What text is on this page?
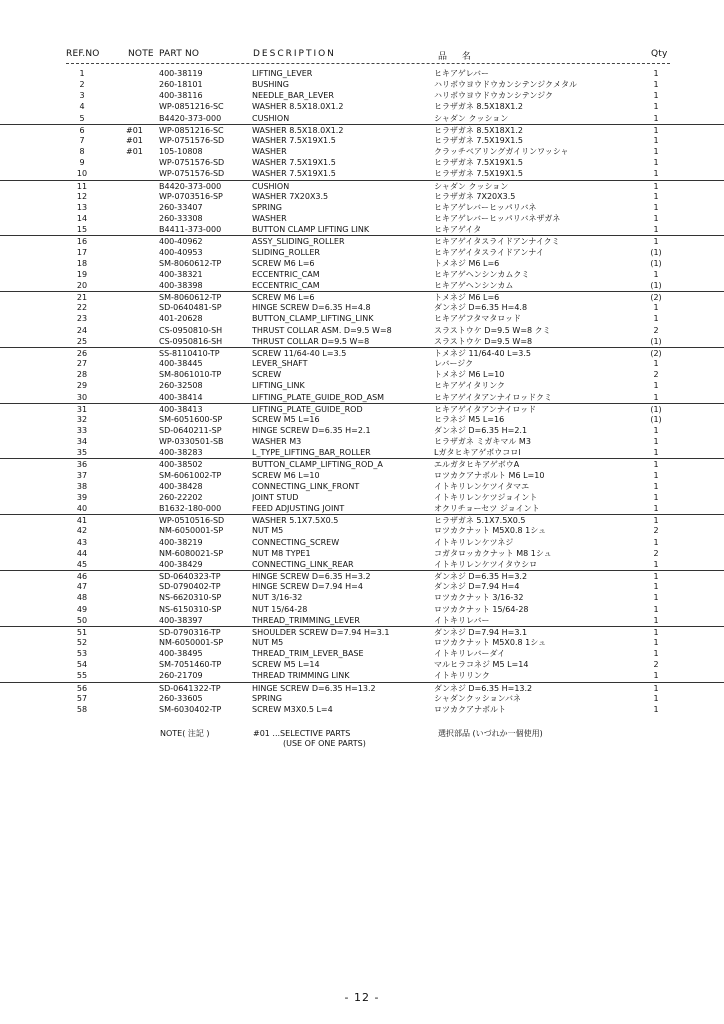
REF.NO	NOTE PART NO	DESCRIPTION	品 名	Qty
1	400-38119	LIFTING_LEVER	ヒキアゲレバー	1
2	260-18101	BUSHING	ハリボウヨウドウカンシテンジクメタル	1
3	400-38116	NEEDLE_BAR_LEVER	ハリボウヨウドウカンシテンジク	1
4	WP-0851216-SC	WASHER 8.5X18.0X1.2	ヒラザガネ 8.5X18X1.2	1
5	B4420-373-000	CUSHION	シャダン クッション	1
6	#01	WP-0851216-SC	WASHER 8.5X18.0X1.2	ヒラザガネ 8.5X18X1.2	1
7	#01	WP-0751576-SD	WASHER 7.5X19X1.5	ヒラザガネ 7.5X19X1.5	1
8	#01	105-10808	WASHER	クラッチベアリングガイリンワッシャ	1
9	WP-0751576-SD	WASHER 7.5X19X1.5	ヒラザガネ 7.5X19X1.5	1
10	WP-0751576-SD	WASHER 7.5X19X1.5	ヒラザガネ 7.5X19X1.5	1
11	B4420-373-000	CUSHION	シャダン クッション	1
12	WP-0703516-SP	WASHER 7X20X3.5	ヒラザガネ 7X20X3.5	1
13	260-33407	SPRING	ヒキアゲレバーヒッパリバネ	1
14	260-33308	WASHER	ヒキアゲレバーヒッパリバネザガネ	1
15	B4411-373-000	BUTTON CLAMP LIFTING LINK	ヒキアゲイタ	1
16	400-40962	ASSY_SLIDING_ROLLER	ヒキアゲイタスライドアンナイクミ	1
17	400-40953	SLIDING_ROLLER	ヒキアゲイタスライドアンナイ	(1)
18	SM-8060612-TP	SCREW M6 L=6	トメネジ M6 L=6	(1)
19	400-38321	ECCENTRIC_CAM	ヒキアゲヘンシンカムクミ	1
20	400-38398	ECCENTRIC_CAM	ヒキアゲヘンシンカム	(1)
21	SM-8060612-TP	SCREW M6 L=6	トメネジ M6 L=6	(2)
22	SD-0640481-SP	HINGE SCREW D=6.35 H=4.8	ダンネジ D=6.35 H=4.8	1
23	401-20628	BUTTON_CLAMP_LIFTING_LINK	ヒキアゲフタマタロッド	1
24	CS-0950810-SH	THRUST COLLAR ASM. D=9.5 W=8	スラストウケ D=9.5 W=8 クミ	2
25	CS-0950816-SH	THRUST COLLAR D=9.5 W=8	スラストウケ D=9.5 W=8	(1)
26	SS-8110410-TP	SCREW 11/64-40 L=3.5	トメネジ 11/64-40 L=3.5	(2)
27	400-38445	LEVER_SHAFT	レバージク	1
28	SM-8061010-TP	SCREW	トメネジ M6 L=10	2
29	260-32508	LIFTING_LINK	ヒキアゲイタリンク	1
30	400-38414	LIFTING_PLATE_GUIDE_ROD_ASM	ヒキアゲイタアンナイロッドクミ	1
31	400-38413	LIFTING_PLATE_GUIDE_ROD	ヒキアゲイタアンナイロッド	(1)
32	SM-6051600-SP	SCREW M5 L=16	ヒラネジ M5 L=16	(1)
33	SD-0640211-SP	HINGE SCREW D=6.35 H=2.1	ダンネジ D=6.35 H=2.1	1
34	WP-0330501-SB	WASHER M3	ヒラザガネ ミガキマル M3	1
35	400-38283	L_TYPE_LIFTING_BAR_ROLLER	LガタヒキアゲボウコロI	1
36	400-38502	BUTTON_CLAMP_LIFTING_ROD_A	エルガタヒキアゲボウA	1
37	SM-6061002-TP	SCREW M6 L=10	ロツカクアナボルト M6 L=10	1
38	400-38428	CONNECTING_LINK_FRONT	イトキリレンケツイタマエ	1
39	260-22202	JOINT STUD	イトキリレンケツジョイント	1
40	B1632-180-000	FEED ADJUSTING JOINT	オクリチョーセツ ジョイント	1
41	WP-0510516-SD	WASHER 5.1X7.5X0.5	ヒラザガネ 5.1X7.5X0.5	1
42	NM-6050001-SP	NUT M5	ロツカクナット M5X0.8 1シュ	2
43	400-38219	CONNECTING_SCREW	イトキリレンケツネジ	1
44	NM-6080021-SP	NUT M8 TYPE1	コガタロッカクナット M8 1シュ	2
45	400-38429	CONNECTING_LINK_REAR	イトキリレンケツイタウシロ	1
46	SD-0640323-TP	HINGE SCREW D=6.35 H=3.2	ダンネジ D=6.35 H=3.2	1
47	SD-0790402-TP	HINGE SCREW D=7.94 H=4	ダンネジ D=7.94 H=4	1
48	NS-6620310-SP	NUT 3/16-32	ロツカクナット 3/16-32	1
49	NS-6150310-SP	NUT 15/64-28	ロツカクナット 15/64-28	1
50	400-38397	THREAD_TRIMMING_LEVER	イトキリレバー	1
51	SD-0790316-TP	SHOULDER SCREW D=7.94 H=3.1	ダンネジ D=7.94 H=3.1	1
52	NM-6050001-SP	NUT M5	ロツカクナット M5X0.8 1シュ	1
53	400-38495	THREAD_TRIM_LEVER_BASE	イトキリレバーダイ	1
54	SM-7051460-TP	SCREW M5 L=14	マルヒラコネジ M5 L=14	2
55	260-21709	THREAD TRIMMING LINK	イトキリリンク	1
56	SD-0641322-TP	HINGE SCREW D=6.35 H=13.2	ダンネジ D=6.35 H=13.2	1
57	260-33605	SPRING	シャダンクッションバネ	1
58	SM-6030402-TP	SCREW M3X0.5 L=4	ロツカクアナボルト	1
NOTE( 注記 )	#01 ...SELECTIVE PARTS
(USE OF ONE PARTS)
選択部品 (いづれか一個使用)
- 12 -
